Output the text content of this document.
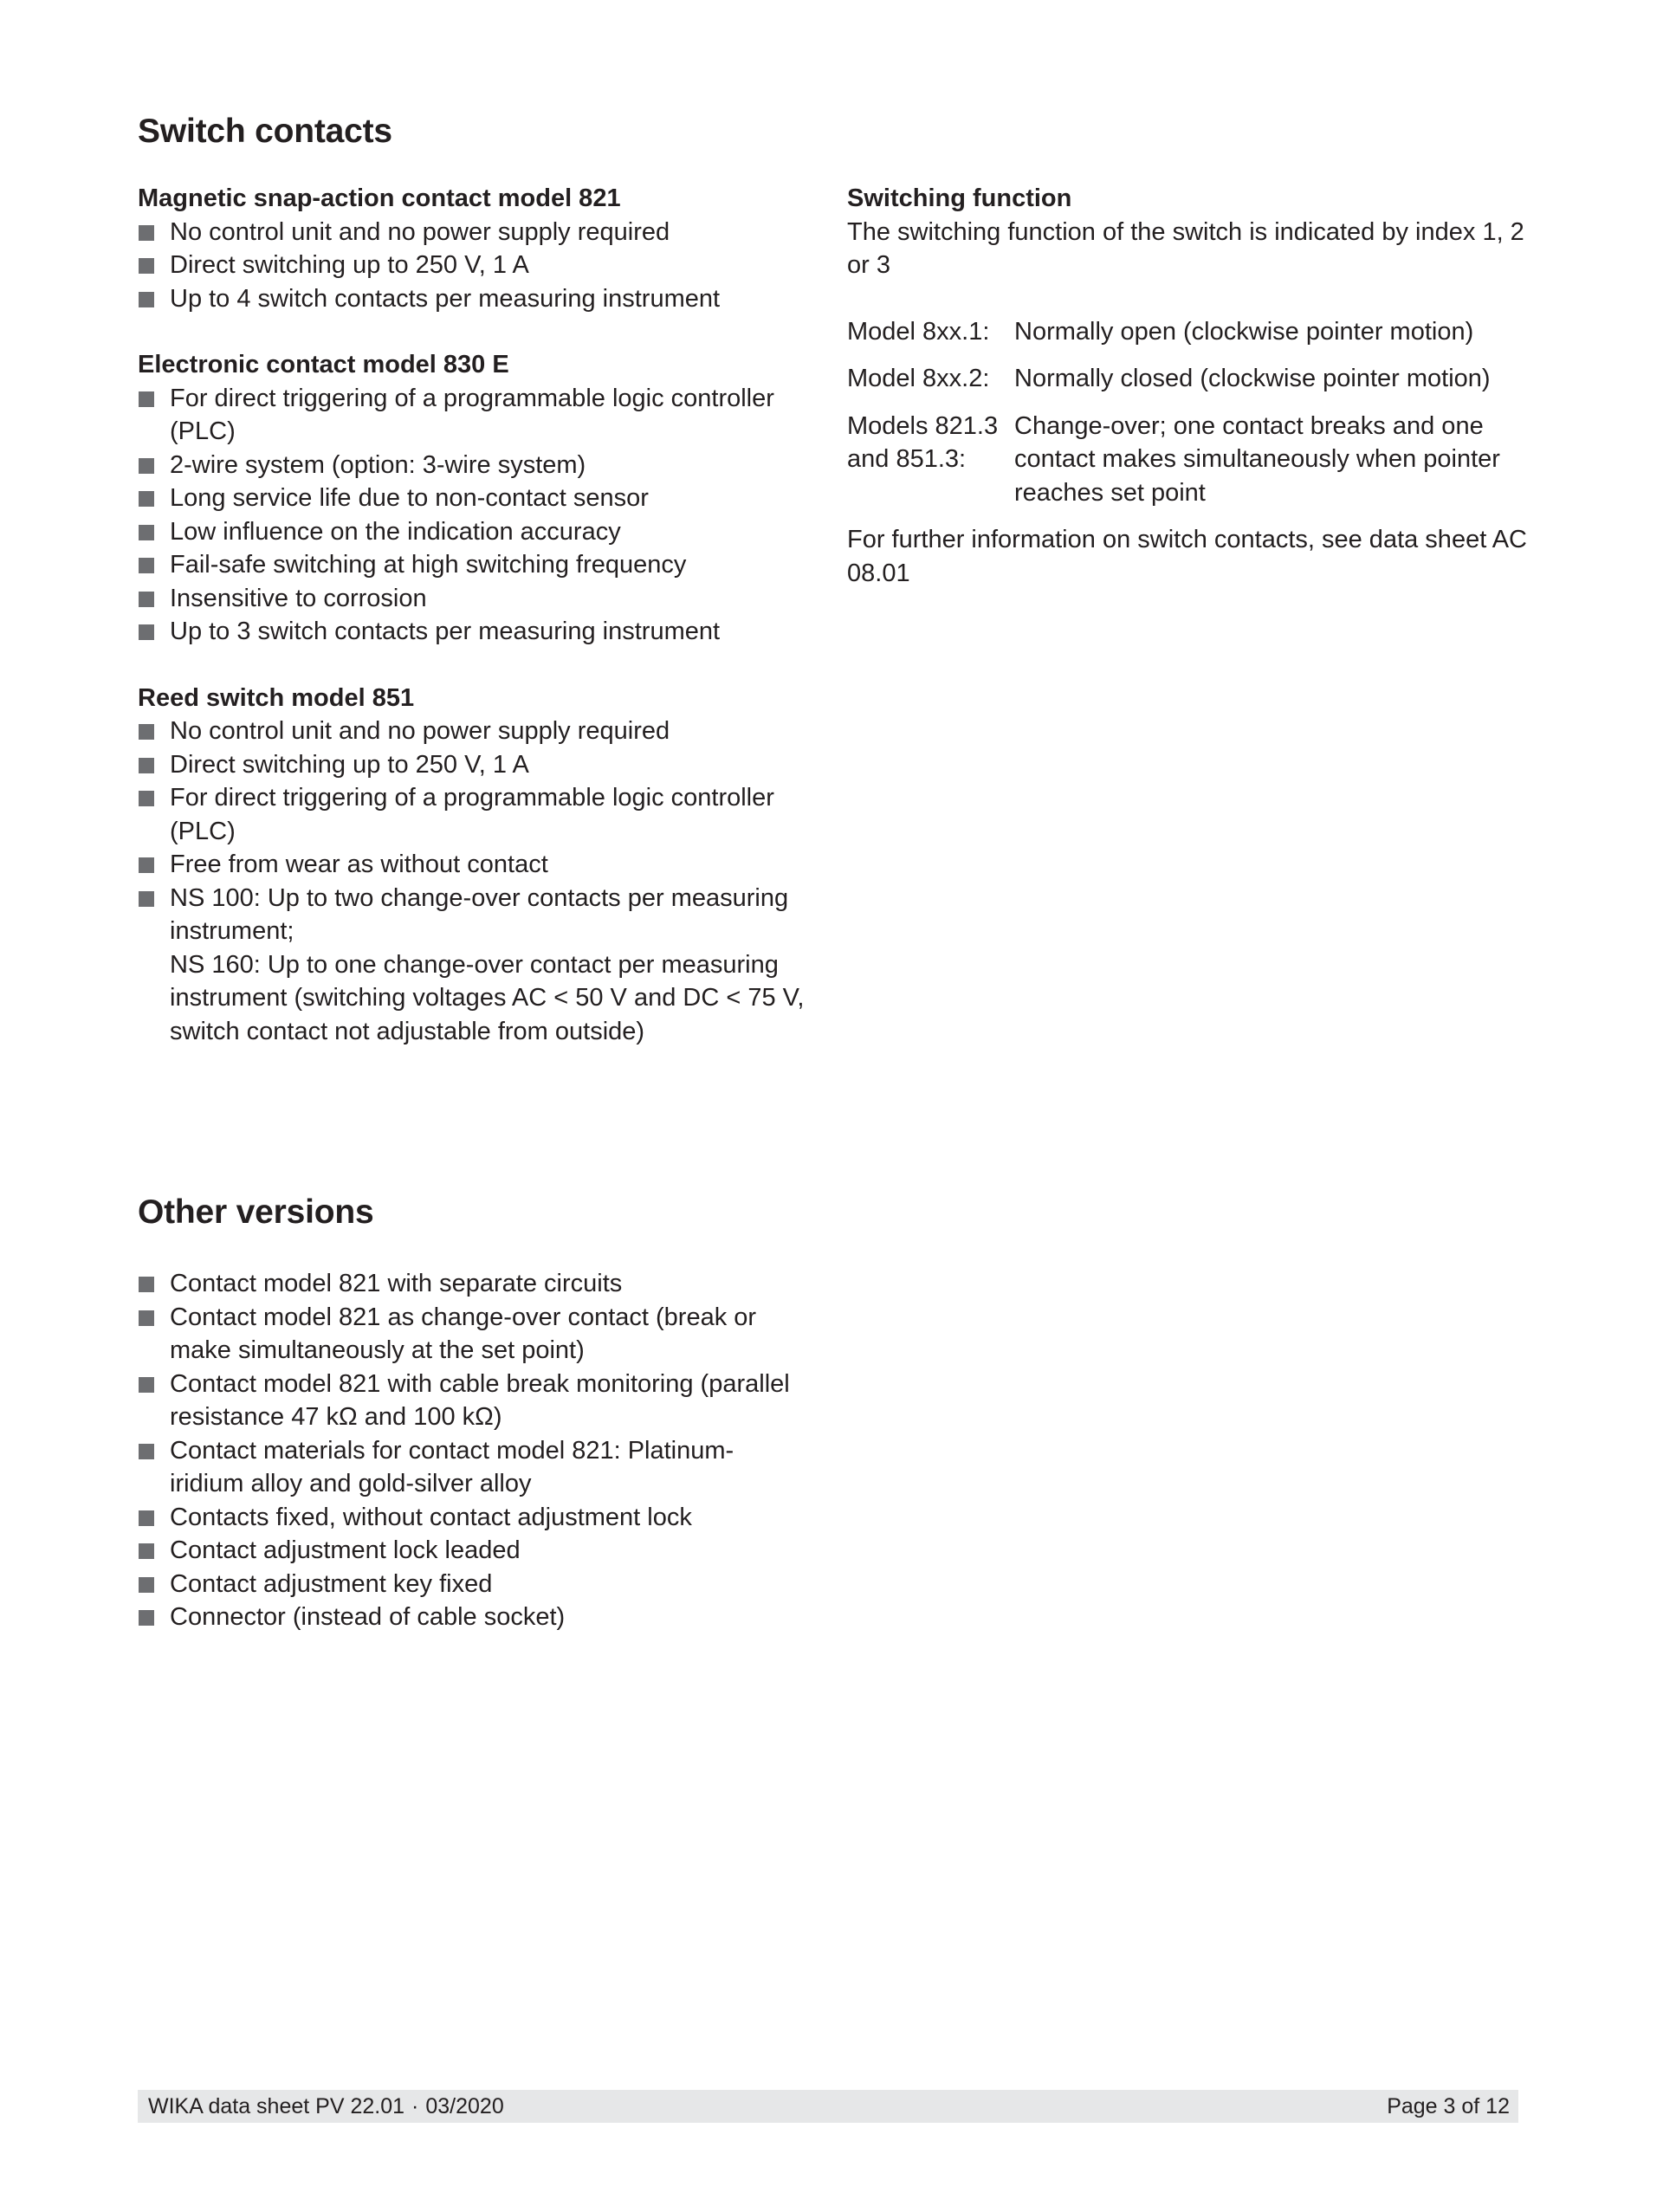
Switch contacts

Magnetic snap-action contact model 821

No control unit and no power supply required
Direct switching up to 250 V, 1 A
Up to 4 switch contacts per measuring instrument

Electronic contact model 830 E

For direct triggering of a programmable logic controller (PLC)
2-wire system (option: 3-wire system)
Long service life due to non-contact sensor
Low influence on the indication accuracy
Fail-safe switching at high switching frequency
Insensitive to corrosion
Up to 3 switch contacts per measuring instrument

Reed switch model 851

No control unit and no power supply required
Direct switching up to 250 V, 1 A
For direct triggering of a programmable logic controller (PLC)
Free from wear as without contact
NS 100: Up to two change-over contacts per measuring instrument;
NS 160: Up to one change-over contact per measuring instrument (switching voltages AC < 50 V and DC < 75 V, switch contact not adjustable from outside)

Switching function

The switching function of the switch is indicated by index 1, 2 or 3

Model 8xx.1: Normally open (clockwise pointer motion)
Model 8xx.2: Normally closed (clockwise pointer motion)
Models 821.3 and 851.3:
Change-over; one contact breaks and one contact makes simultaneously when pointer reaches set point

For further information on switch contacts, see data sheet AC 08.01

Other versions
Contact model 821 with separate circuits
Contact model 821 as change-over contact (break or make simultaneously at the set point)
Contact model 821 with cable break monitoring (parallel resistance 47 kΩ and 100 kΩ)
Contact materials for contact model 821: Platinum-iridium alloy and gold-silver alloy
Contacts fixed, without contact adjustment lock
Contact adjustment lock leaded
Contact adjustment key fixed
Connector (instead of cable socket)
WIKA data sheet PV 22.01 · 03/2020	Page 3 of 12
